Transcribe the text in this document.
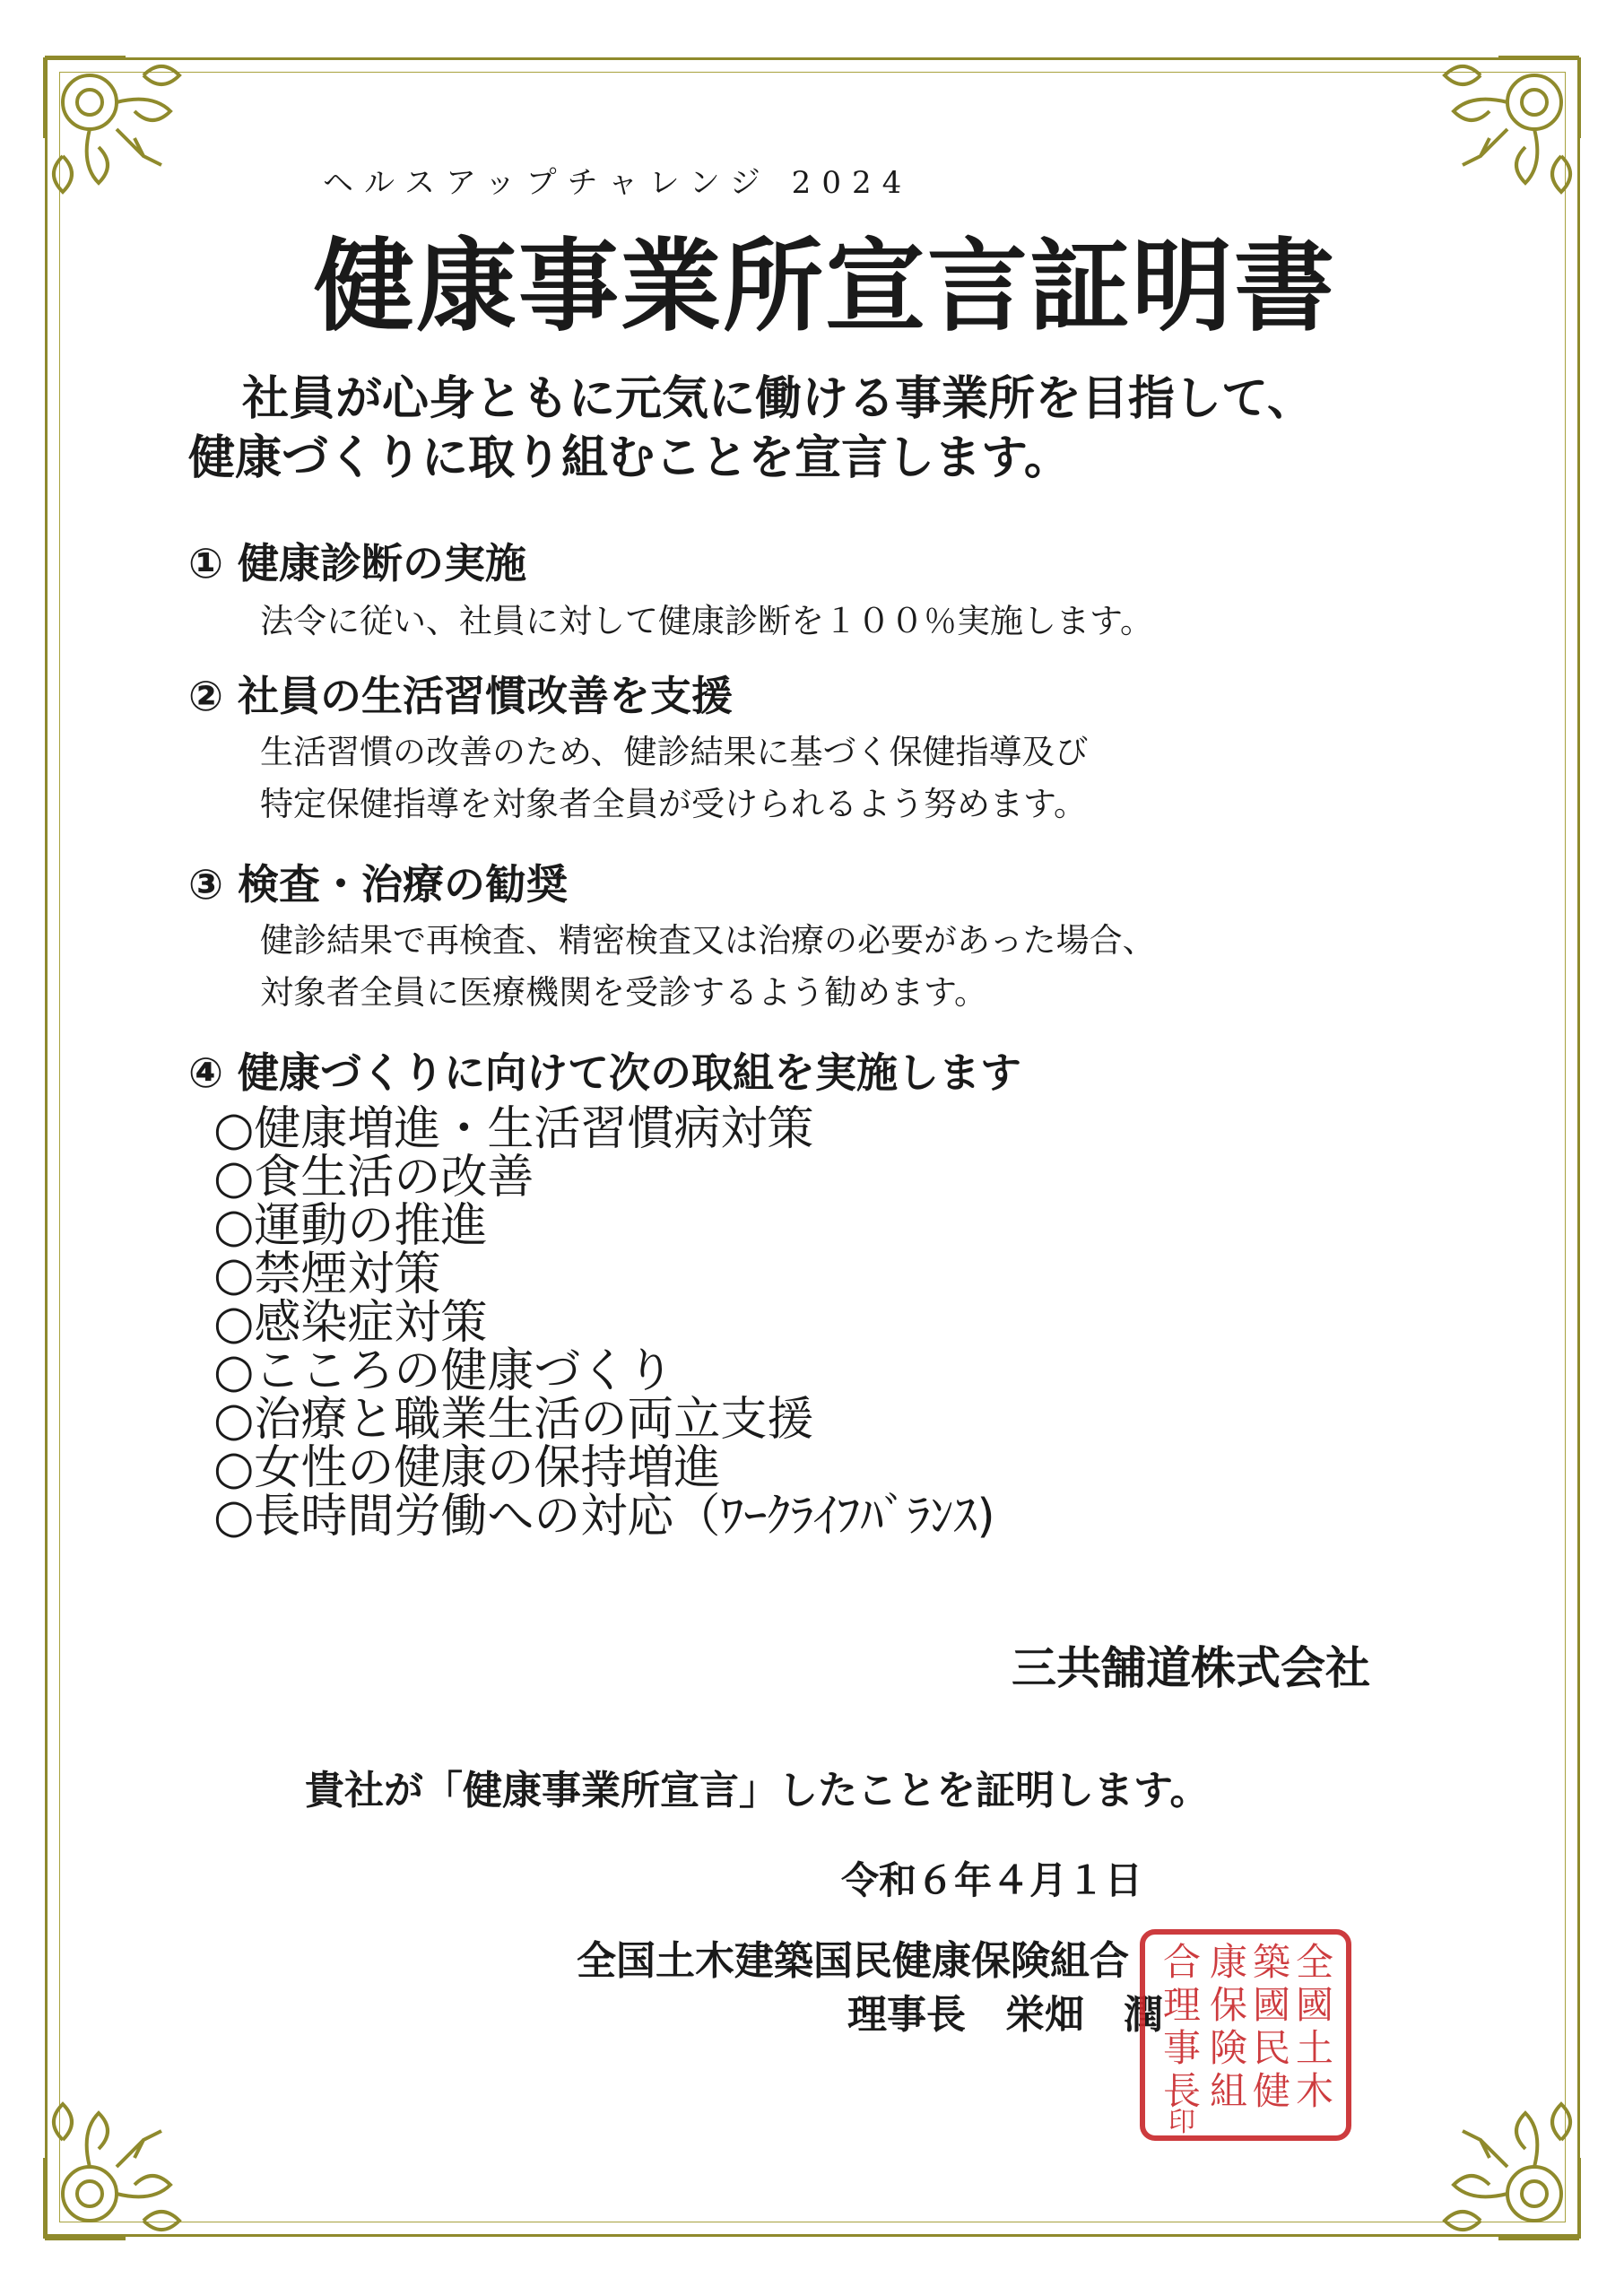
ヘルスアップチャレンジ 2024
健康事業所宣言証明書
社員が心身ともに元気に働ける事業所を目指して、
健康づくりに取り組むことを宣言します。
① 健康診断の実施
法令に従い、社員に対して健康診断を１００％実施します。
② 社員の生活習慣改善を支援
生活習慣の改善のため、健診結果に基づく保健指導及び
特定保健指導を対象者全員が受けられるよう努めます。
③ 検査・治療の勧奨
健診結果で再検査、精密検査又は治療の必要があった場合、
対象者全員に医療機関を受診するよう勧めます。
④ 健康づくりに向けて次の取組を実施します
○健康増進・生活習慣病対策
○食生活の改善
○運動の推進
○禁煙対策
○感染症対策
○こころの健康づくり
○治療と職業生活の両立支援
○女性の健康の保持増進
○長時間労働への対応（ﾜｰｸﾗｲﾌﾊﾞﾗﾝｽ)
三共舗道株式会社
貴社が「健康事業所宣言」したことを証明します。
令和６年４月１日
全国土木建築国民健康保険組合
理事長　栄畑　潤
全
國
土
木
築
國
民
健
康
保
険
組
合
理
事
長
印
